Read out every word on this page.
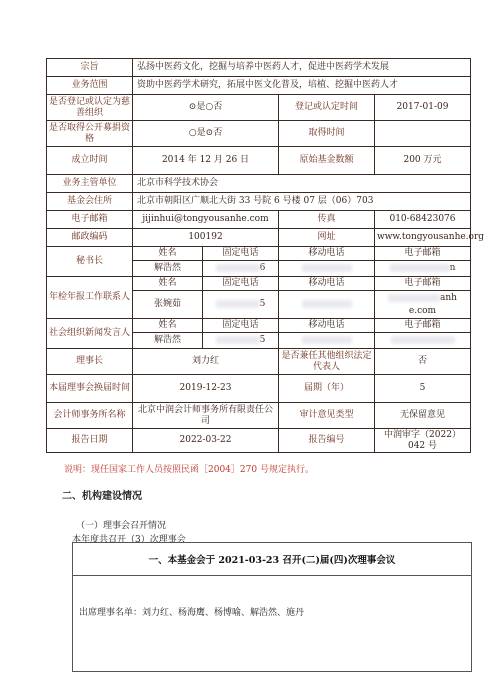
宗旨	弘扬中医药文化，挖掘与培养中医药人才，促进中医药学术发展			
业务范围	资助中医药学术研究，拓展中医文化普及，培植、挖掘中医药人才			
是否登记或认定为慈善组织	⊙是○否		登记或认定时间	2017-01-09
是否取得公开募捐资格	○是⊙否		取得时间	
成立时间	2014 年 12 月 26 日		原始基金数额	200 万元
业务主管单位	北京市科学技术协会			
基金会住所	北京市朝阳区广顺北大街 33 号院 6 号楼 07 层（06）703			
电子邮箱	jijinhui@tongyousanhe.com		传真	010-68423076
邮政编码	100192		网址	www.tongyousanhe.org
秘书长	姓名	固定电话	移动电话	电子邮箱
	解浩然	6		n
年检年报工作联系人	姓名	固定电话	移动电话	电子邮箱
	张婉茹	5		anh
e.com
社会组织新闻发言人	姓名	固定电话	移动电话	电子邮箱
	解浩然	5		
理事长	刘力红		是否兼任其他组织法定代表人	否
本届理事会换届时间	2019-12-23		届期（年）	5
会计师事务所名称	北京中润会计师事务所有限责任公司		审计意见类型	无保留意见
报告日期	2022-03-22		报告编号	中润审字（2022）042 号
说明：现任国家工作人员按照民函［2004］270 号规定执行。
二、机构建设情况
（一）理事会召开情况
本年度共召开（3）次理事会
一、本基金会于 2021-03-23 召开(二)届(四)次理事会议
出席理事名单：刘力红、杨海鹰、杨博喻、解浩然、施丹
